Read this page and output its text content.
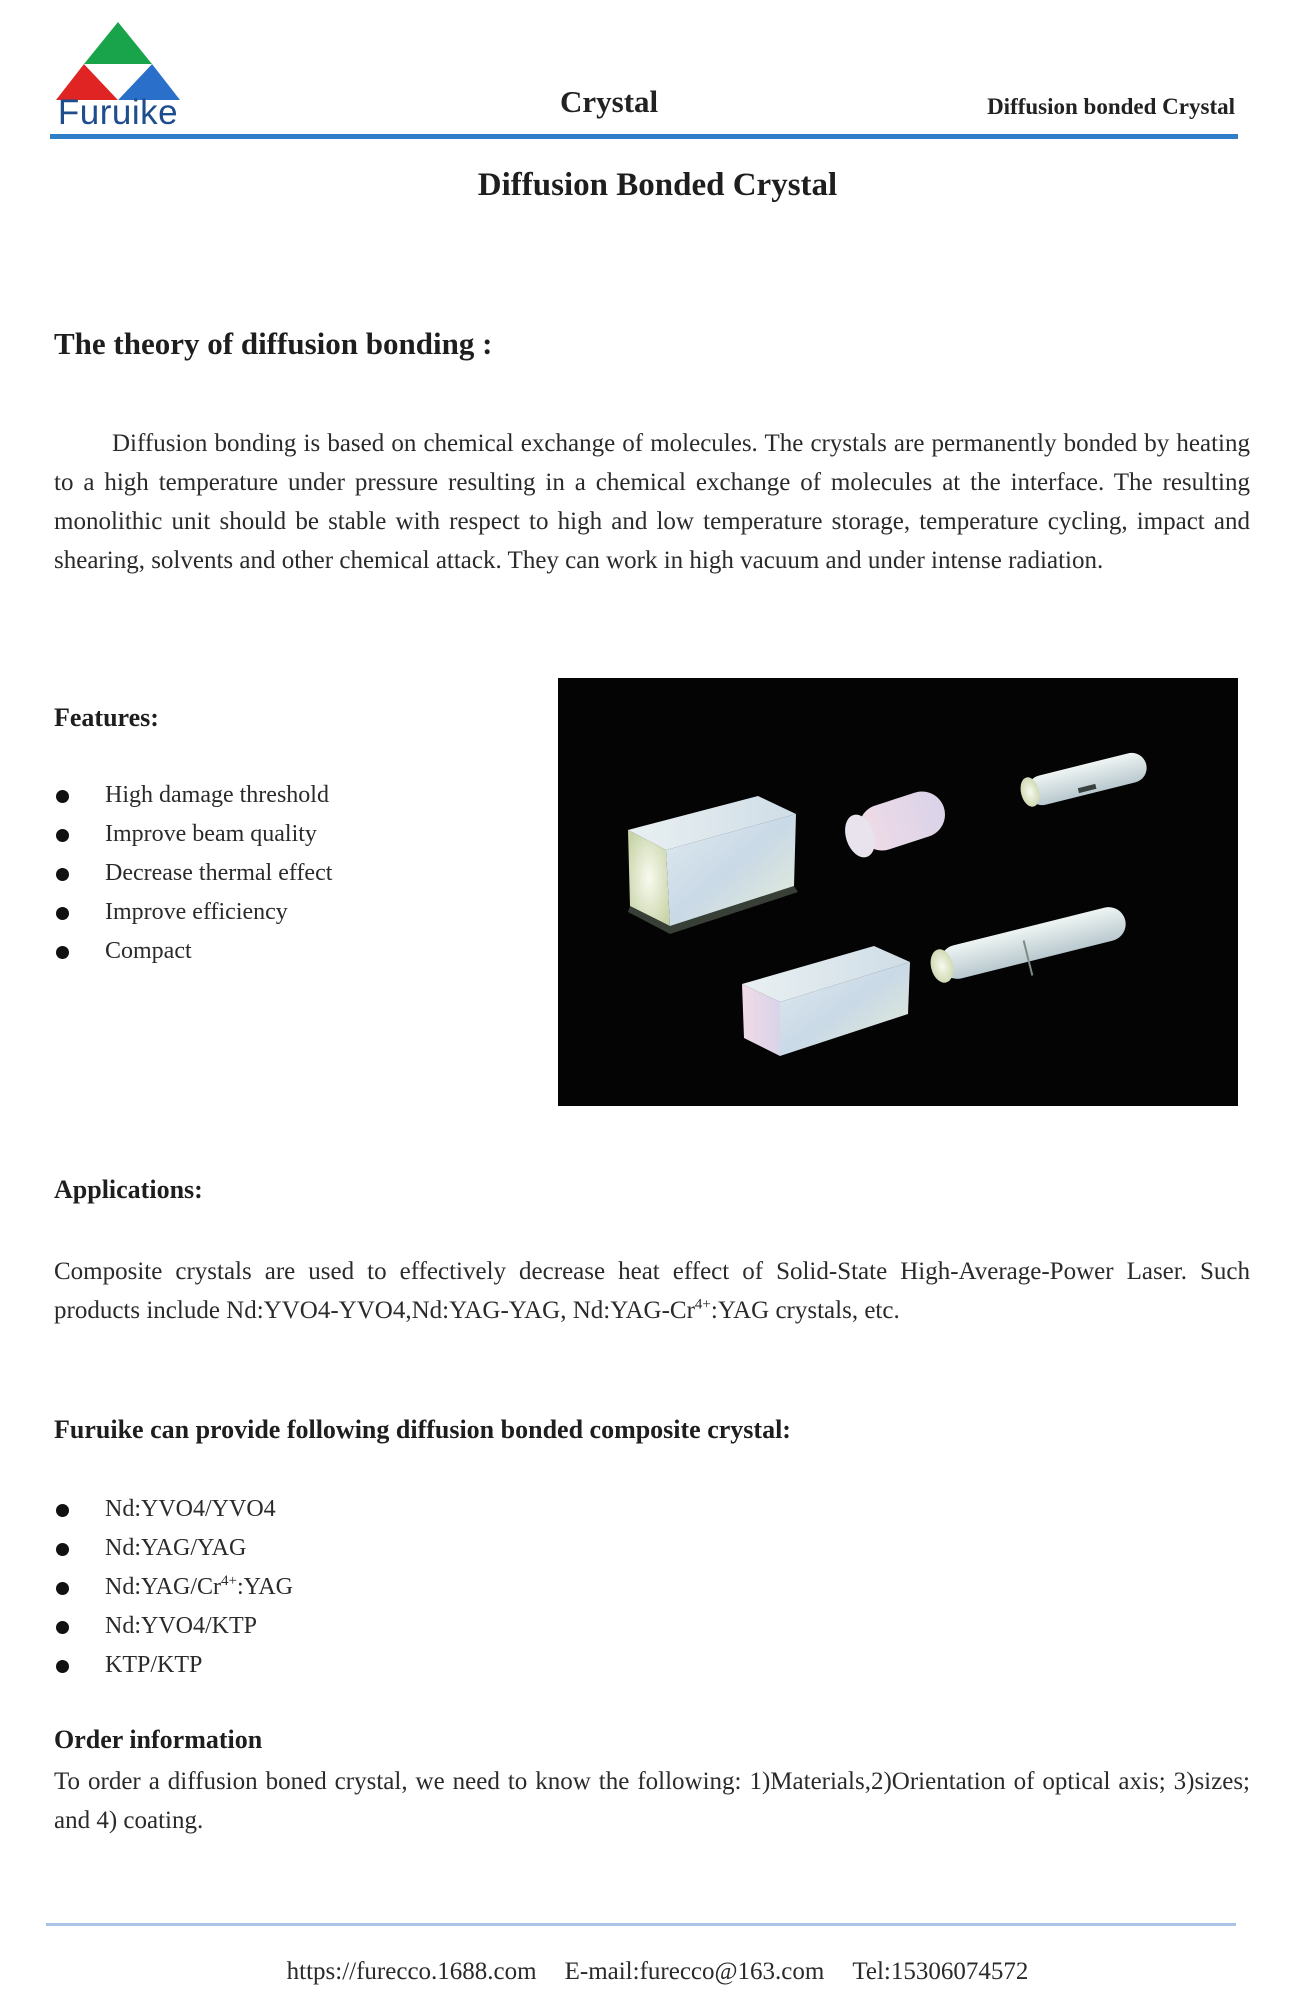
Furuike	Crystal	Diffusion bonded Crystal
Diffusion Bonded Crystal
The theory of diffusion bonding :
Diffusion bonding is based on chemical exchange of molecules. The crystals are permanently bonded by heating to a high temperature under pressure resulting in a chemical exchange of molecules at the interface. The resulting monolithic unit should be stable with respect to high and low temperature storage, temperature cycling, impact and shearing, solvents and other chemical attack. They can work in high vacuum and under intense radiation.
Features:
High damage threshold
Improve beam quality
Decrease thermal effect
Improve efficiency
Compact
Applications:
Composite crystals are used to effectively decrease heat effect of Solid-State High-Average-Power Laser. Such products include Nd:YVO4-YVO4,Nd:YAG-YAG, $Nd:YAG-Cr^{4+}:YAG$ crystals, etc.
Furuike can provide following diffusion bonded composite crystal:
Nd:YVO4/YVO4
Nd:YAG/YAG
$Nd:YAG/Cr^{4+}:YAG$
Nd:YVO4/KTP
KTP/KTP
Order information
To order a diffusion boned crystal, we need to know the following: 1)Materials,2)Orientation of optical axis; 3)sizes; and 4) coating.
https://furecco.1688.com E-mail:furecco@163.com Tel:15306074572
